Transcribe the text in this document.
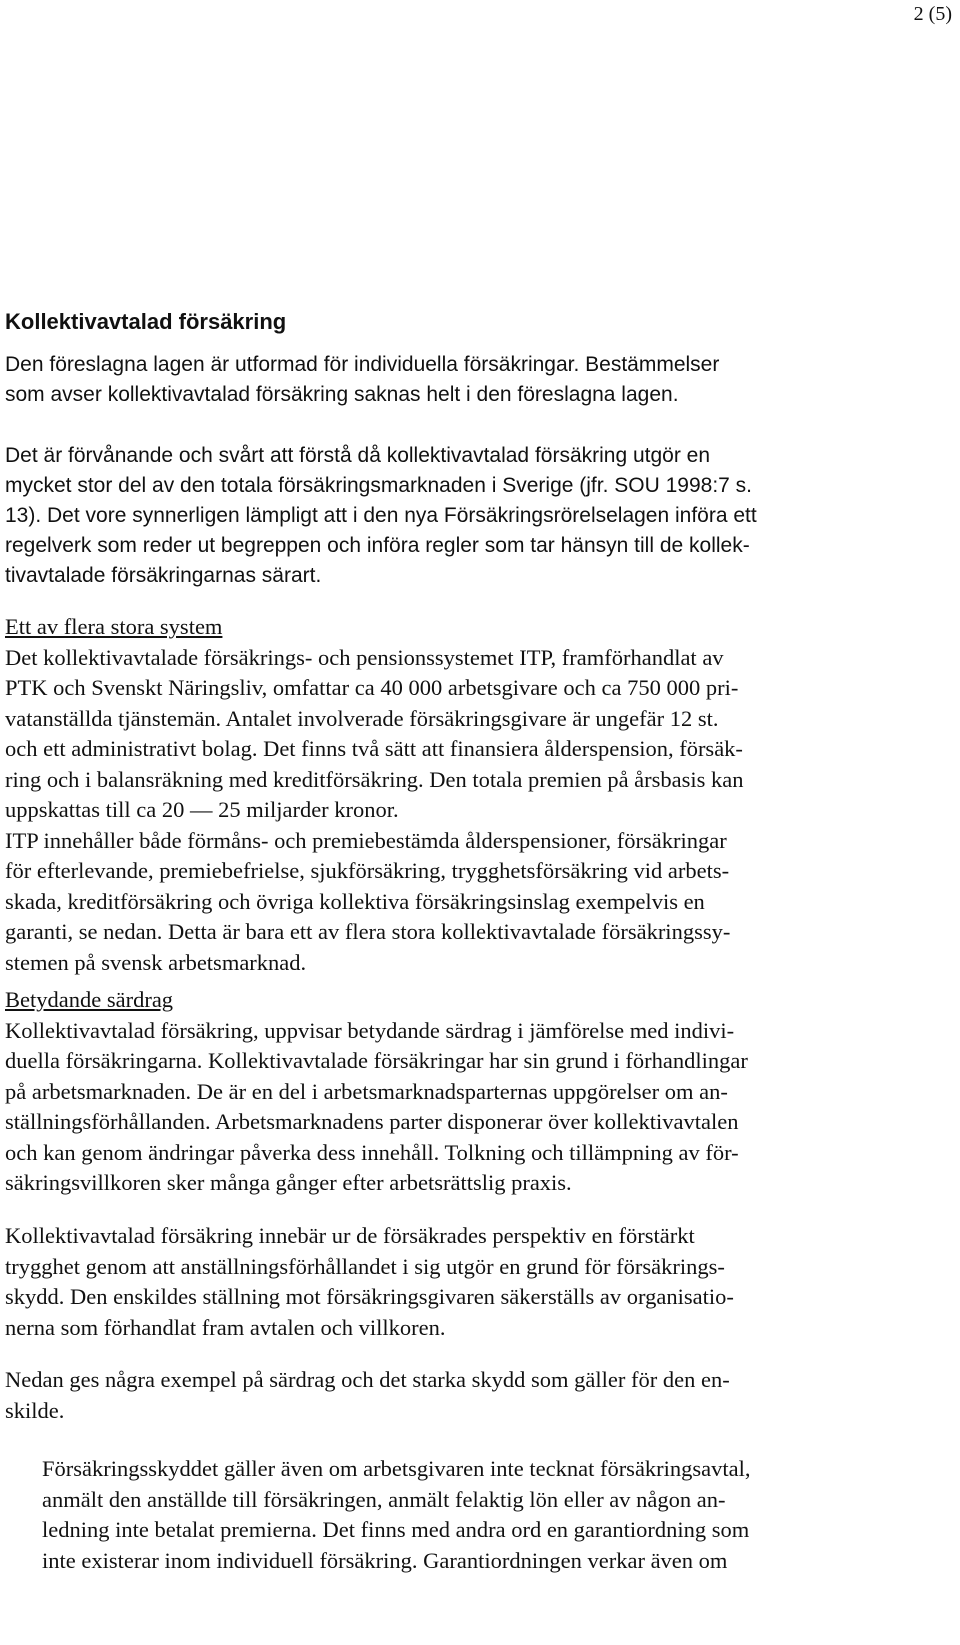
2 (5)
Kollektivavtalad försäkring
Den föreslagna lagen är utformad för individuella försäkringar. Bestämmelser
som avser kollektivavtalad försäkring saknas helt i den föreslagna lagen.
Det är förvånande och svårt att förstå då kollektivavtalad försäkring utgör en
mycket stor del av den totala försäkringsmarknaden i Sverige (jfr. SOU 1998:7 s.
13). Det vore synnerligen lämpligt att i den nya Försäkringsrörelselagen införa ett
regelverk som reder ut begreppen och införa regler som tar hänsyn till de kollek-
tivavtalade försäkringarnas särart.
Ett av flera stora system
Det kollektivavtalade försäkrings- och pensionssystemet ITP, framförhandlat av
PTK och Svenskt Näringsliv, omfattar ca 40 000 arbetsgivare och ca 750 000 pri-
vatanställda tjänstemän. Antalet involverade försäkringsgivare är ungefär 12 st.
och ett administrativt bolag. Det finns två sätt att finansiera ålderspension, försäk-
ring och i balansräkning med kreditförsäkring. Den totala premien på årsbasis kan
uppskattas till ca 20 — 25 miljarder kronor.
ITP innehåller både förmåns- och premiebestämda ålderspensioner, försäkringar
för efterlevande, premiebefrielse, sjukförsäkring, trygghetsförsäkring vid arbets-
skada, kreditförsäkring och övriga kollektiva försäkringsinslag exempelvis en
garanti, se nedan. Detta är bara ett av flera stora kollektivavtalade försäkringssy-
stemen på svensk arbetsmarknad.
Betydande särdrag
Kollektivavtalad försäkring, uppvisar betydande särdrag i jämförelse med indivi-
duella försäkringarna. Kollektivavtalade försäkringar har sin grund i förhandlingar
på arbetsmarknaden. De är en del i arbetsmarknadsparternas uppgörelser om an-
ställningsförhållanden. Arbetsmarknadens parter disponerar över kollektivavtalen
och kan genom ändringar påverka dess innehåll. Tolkning och tillämpning av för-
säkringsvillkoren sker många gånger efter arbetsrättslig praxis.
Kollektivavtalad försäkring innebär ur de försäkrades perspektiv en förstärkt
trygghet genom att anställningsförhållandet i sig utgör en grund för försäkrings-
skydd. Den enskildes ställning mot försäkringsgivaren säkerställs av organisatio-
nerna som förhandlat fram avtalen och villkoren.
Nedan ges några exempel på särdrag och det starka skydd som gäller för den en-
skilde.
Försäkringsskyddet gäller även om arbetsgivaren inte tecknat försäkringsavtal,
anmält den anställde till försäkringen, anmält felaktig lön eller av någon an-
ledning inte betalat premierna. Det finns med andra ord en garantiordning som
inte existerar inom individuell försäkring. Garantiordningen verkar även om
